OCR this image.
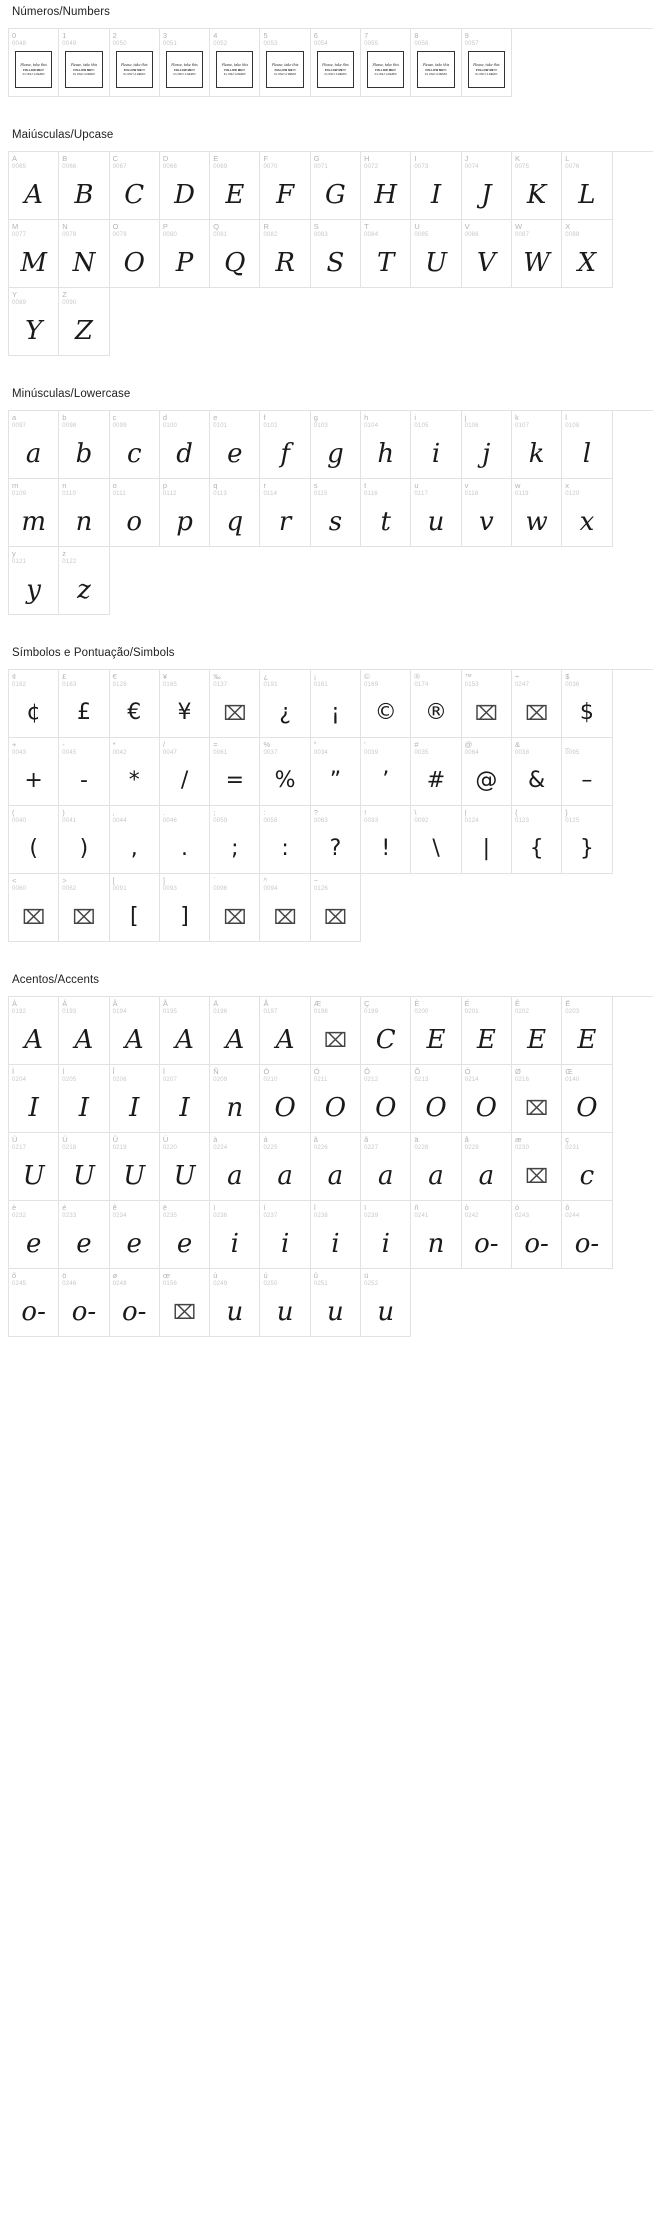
Números/Numbers
0
0048
Please, take this
FOLLOW ME!!!
It's ONLY A DEMO!
1
0049
Please, take this
FOLLOW ME!!!
It's ONLY A DEMO!
2
0050
Please, take this
FOLLOW ME!!!
It's ONLY A DEMO!
3
0051
Please, take this
FOLLOW ME!!!
It's ONLY A DEMO!
4
0052
Please, take this
FOLLOW ME!!!
It's ONLY A DEMO!
5
0053
Please, take this
FOLLOW ME!!!
It's ONLY A DEMO!
6
0054
Please, take this
FOLLOW ME!!!
It's ONLY A DEMO!
7
0055
Please, take this
FOLLOW ME!!!
It's ONLY A DEMO!
8
0056
Please, take this
FOLLOW ME!!!
It's ONLY A DEMO!
9
0057
Please, take this
FOLLOW ME!!!
It's ONLY A DEMO!
Maiúsculas/Upcase
A
0065
A
B
0066
B
C
0067
C
D
0068
D
E
0069
E
F
0070
F
G
0071
G
H
0072
H
I
0073
I
J
0074
J
K
0075
K
L
0076
L
M
0077
M
N
0078
N
O
0079
O
P
0080
P
Q
0081
Q
R
0082
R
S
0083
S
T
0084
T
U
0085
U
V
0086
V
W
0087
W
X
0088
X
Y
0089
Y
Z
0090
Z
Minúsculas/Lowercase
a
0097
a
b
0098
b
c
0099
c
d
0100
d
e
0101
e
f
0102
f
g
0103
g
h
0104
h
i
0105
i
j
0106
j
k
0107
k
l
0108
l
m
0109
m
n
0110
n
o
0111
o
p
0112
p
q
0113
q
r
0114
r
s
0115
s
t
0116
t
u
0117
u
v
0118
v
w
0119
w
x
0120
x
y
0121
y
z
0122
z
Símbolos e Pontuação/Simbols
¢
0162
¢
£
0163
£
€
0128
€
¥
0165
¥
‰
0137
⌧
¿
0191
¿
¡
0161
¡
©
0169
©
®
0174
®
™
0153
⌧
÷
0247
⌧
$
0036
$
+
0043
+
-
0045
-
*
0042
*
/
0047
/
=
0061
=
%
0037
%
"
0034
”
'
0039
’
#
0035
#
@
0064
@
&
0038
&
_
0095
–
(
0040
(
)
0041
)
,
0044
,
.
0046
.
;
0059
;
:
0058
:
?
0063
?
!
0033
!
\
0092
\
|
0124
|
{
0123
{
}
0125
}
<
0060
⌧
>
0062
⌧
[
0091
[
]
0093
]
`
0096
⌧
^
0094
⌧
~
0126
⌧
Acentos/Accents
À
0192
A
Á
0193
A
Â
0194
A
Ã
0195
A
Ä
0196
A
Å
0197
A
Æ
0198
⌧
Ç
0199
C
È
0200
E
É
0201
E
Ê
0202
E
Ë
0203
E
Ì
0204
I
Í
0205
I
Î
0206
I
Ï
0207
I
Ñ
0209
n
Ò
0210
O
Ó
0211
O
Ô
0212
O
Õ
0213
O
Ö
0214
O
Ø
0216
⌧
Œ
0140
O
Ù
0217
U
Ú
0218
U
Û
0219
U
Ü
0220
U
à
0224
a
á
0225
a
â
0226
a
ã
0227
a
ä
0228
a
å
0229
a
æ
0230
⌧
ç
0231
c
è
0232
e
é
0233
e
ê
0234
e
ë
0235
e
ì
0236
i
í
0237
i
î
0238
i
ï
0239
i
ñ
0241
n
ò
0242
o-
ó
0243
o-
ô
0244
o-
õ
0245
o-
ö
0246
o-
ø
0248
o-
œ
0156
⌧
ù
0249
u
ú
0250
u
û
0251
u
ü
0252
u
